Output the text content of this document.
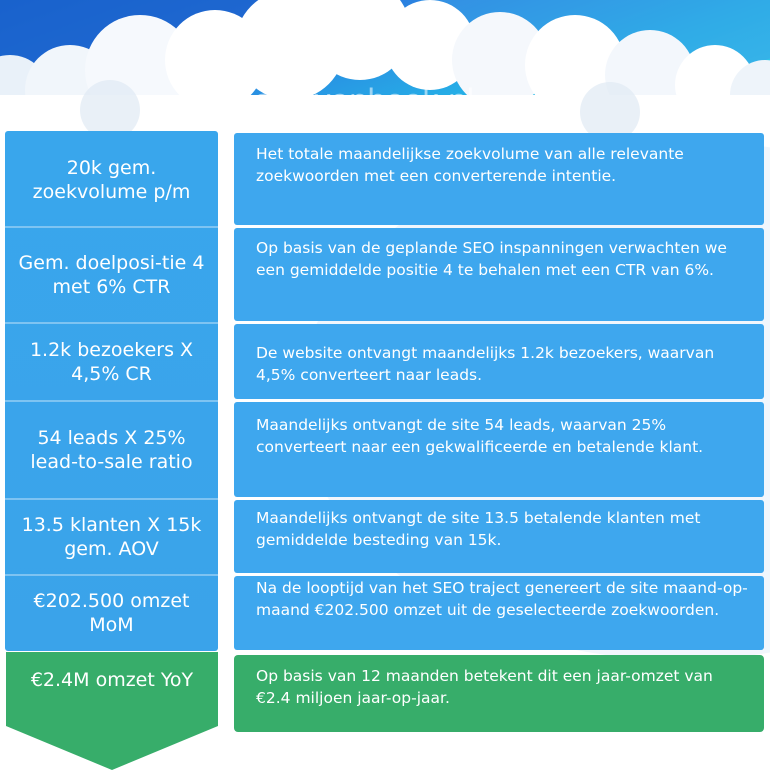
Kevinvanbeek.nl
20k gem. zoekvolume p/m
Gem. doelposi-tie 4 met 6% CTR
1.2k bezoekers X 4,5% CR
54 leads X 25% lead-to-sale ratio
13.5 klanten X 15k gem. AOV
€202.500 omzet MoM
Het totale maandelijkse zoekvolume van alle relevante zoekwoorden met een converterende intentie.
Op basis van de geplande SEO inspanningen verwachten we een gemiddelde positie 4 te behalen met een CTR van 6%.
De website ontvangt maandelijks 1.2k bezoekers, waarvan 4,5% converteert naar leads.
Maandelijks ontvangt de site 54 leads, waarvan 25% converteert naar een gekwalificeerde en betalende klant.
Maandelijks ontvangt de site 13.5 betalende klanten met gemiddelde besteding van 15k.
Na de looptijd van het SEO traject genereert de site maand-op-maand €202.500 omzet uit de geselecteerde zoekwoorden.
€2.4M omzet YoY	Op basis van 12 maanden betekent dit een jaar-omzet van €2.4 miljoen jaar-op-jaar.
